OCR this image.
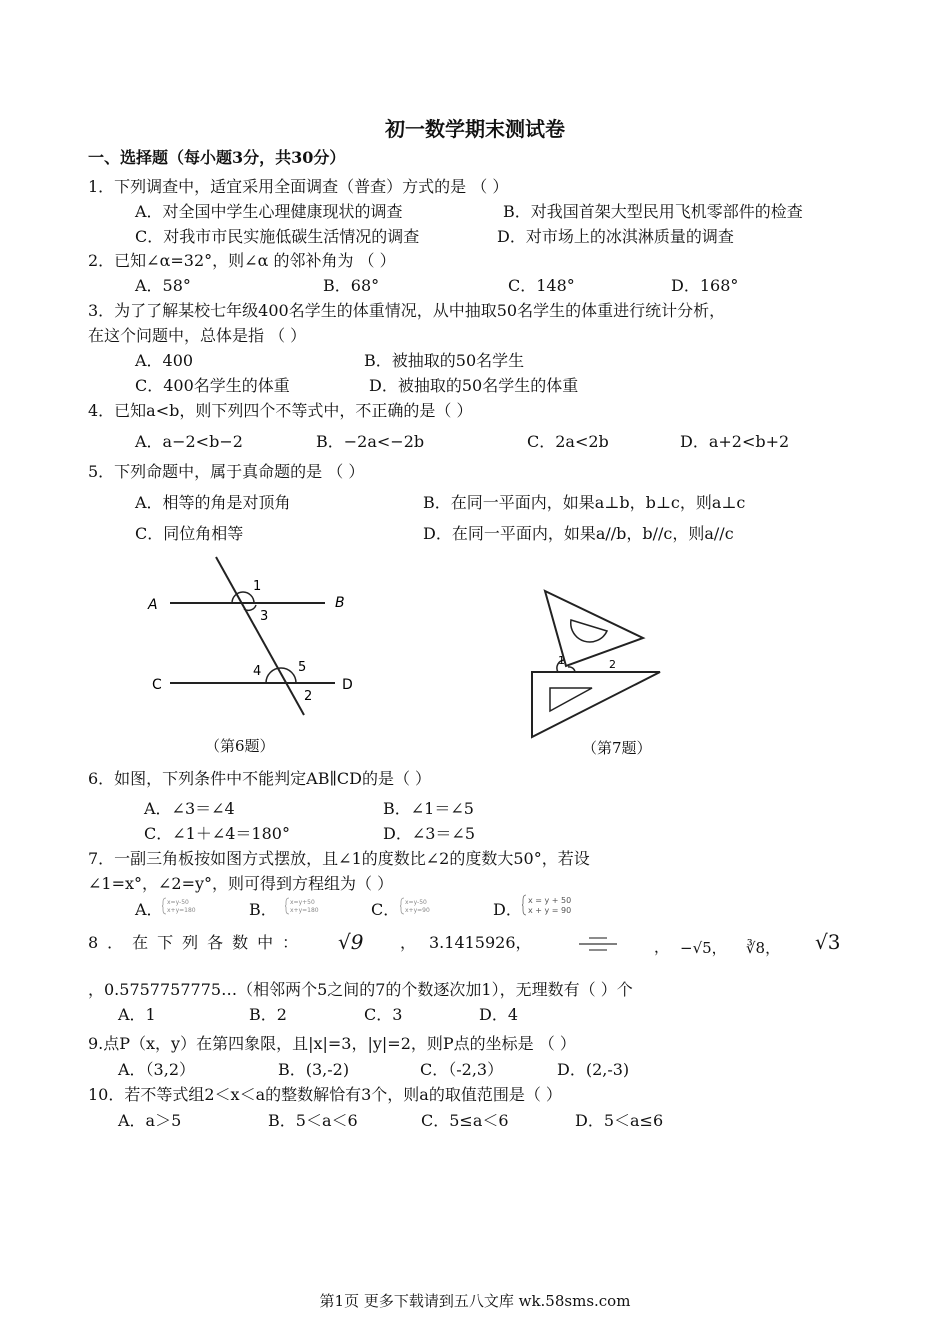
初一数学期末测试卷
一、选择题（每小题3分，共30分）
1．下列调查中，适宜采用全面调查（普查）方式的是 （ ）
A．对全国中学生心理健康现状的调查	B．对我国首架大型民用飞机零部件的检查
C．对我市市民实施低碳生活情况的调查	D．对市场上的冰淇淋质量的调查
2．已知∠α=32°，则∠α 的邻补角为 （ ）
A．58°	B．68°	C．148°	D．168°
3．为了了解某校七年级400名学生的体重情况，从中抽取50名学生的体重进行统计分析，
在这个问题中，总体是指 （ ）
A．400	B．被抽取的50名学生
C．400名学生的体重	D．被抽取的50名学生的体重
4．已知a<b，则下列四个不等式中，不正确的是（ ）
A．a−2<b−2	B．−2a<−2b	C．2a<2b	D．a+2<b+2
5．下列命题中，属于真命题的是 （ ）
A．相等的角是对顶角	B．在同一平面内，如果a⊥b，b⊥c，则a⊥c
C．同位角相等	D．在同一平面内，如果a//b，b//c，则a//c
A	B
C	D
1
2
3
4	5
（第6题）
1	2
（第7题）
6．如图，下列条件中不能判定AB∥CD的是（ ）
A．∠3＝∠4	B．∠1＝∠5
C．∠1＋∠4＝180°	D．∠3＝∠5
7．一副三角板按如图方式摆放，且∠1的度数比∠2的度数大50°，若设
∠1=x°，∠2=y°，则可得到方程组为（ ）
A． x=y-50
x+y=180	B． x=y+50
x+y=180	C． x=y-50
x+y=90	D． x = y + 50
x + y = 90
8．在下列各数中： √9 ， 3.1415926，	， −√5， ∛8， √3
，0.5757757775…（相邻两个5之间的7的个数逐次加1），无理数有（ ）个
A．1	B．2	C．3	D．4
9.点P（x，y）在第四象限，且|x|=3，|y|=2，则P点的坐标是 （ ）
A．（3,2）	B．(3,-2)	C．（-2,3）	D．(2,-3)
10．若不等式组2＜x＜a的整数解恰有3个，则a的取值范围是（ ）
A．a＞5	B．5＜a＜6	C．5≤a＜6	D．5＜a≤6
第1页 更多下载请到五八文库 wk.58sms.com
